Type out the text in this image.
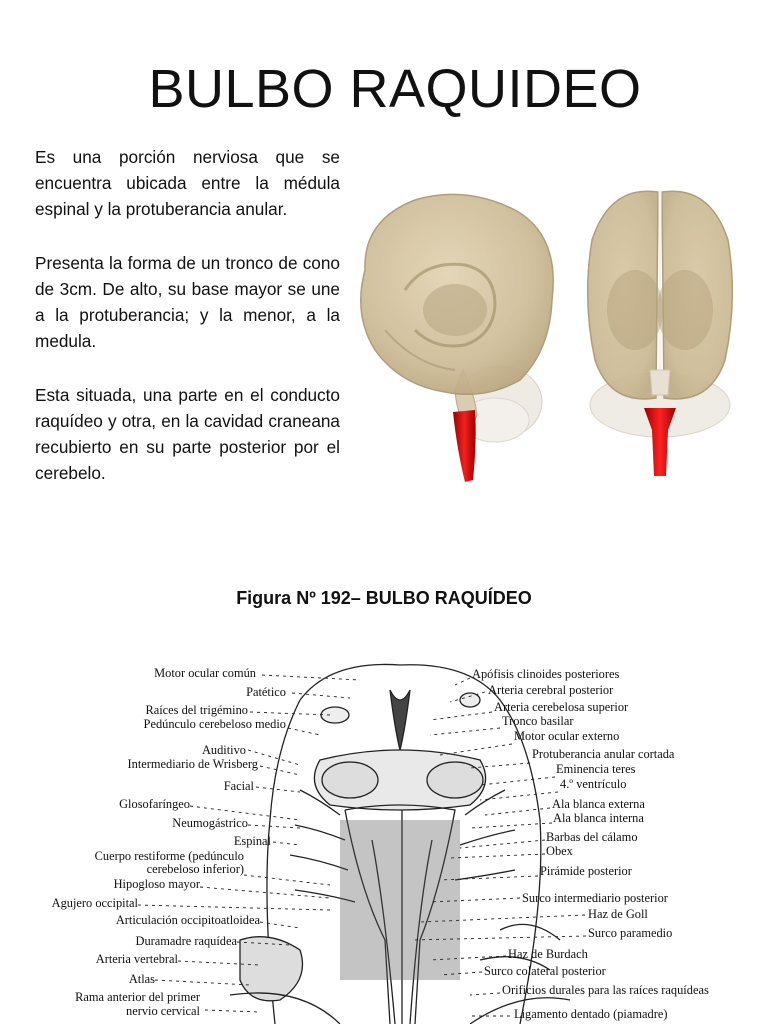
BULBO RAQUIDEO

Es una porción nerviosa que se encuentra ubicada entre la médula espinal y la protuberancia anular.

Presenta la forma de un tronco de cono de 3cm. De alto, su base mayor se une a la protuberancia; y la menor, a la medula.

Esta situada, una parte en el conducto raquídeo y otra, en la cavidad craneana recubierto en su parte posterior por el cerebelo.

Figura Nº 192– BULBO RAQUÍDEO
Motor ocular común
Patético
Raíces del trigémino
Pedúnculo cerebeloso medio
Auditivo
Intermediario de Wrisberg
Facial
Glosofaríngeo
Neumogástrico
Espinal
Cuerpo restiforme (pedúnculo
cerebeloso inferior)
Hipogloso mayor
Agujero occipital
Articulación occipitoatloidea
Duramadre raquídea
Arteria vertebral
Atlas
Rama anterior del primer
nervio cervical
Apófisis clinoides posteriores
Arteria cerebral posterior
Arteria cerebelosa superior
Tronco basilar
Motor ocular externo
Protuberancia anular cortada
Eminencia teres
4.º ventrículo
Ala blanca externa
Ala blanca interna
Barbas del cálamo
Obex
Pirámide posterior
Surco intermediario posterior
Haz de Goll
Surco paramedio
Haz de Burdach
Surco colateral posterior
Orificios durales para las raíces raquídeas
Ligamento dentado (piamadre)
